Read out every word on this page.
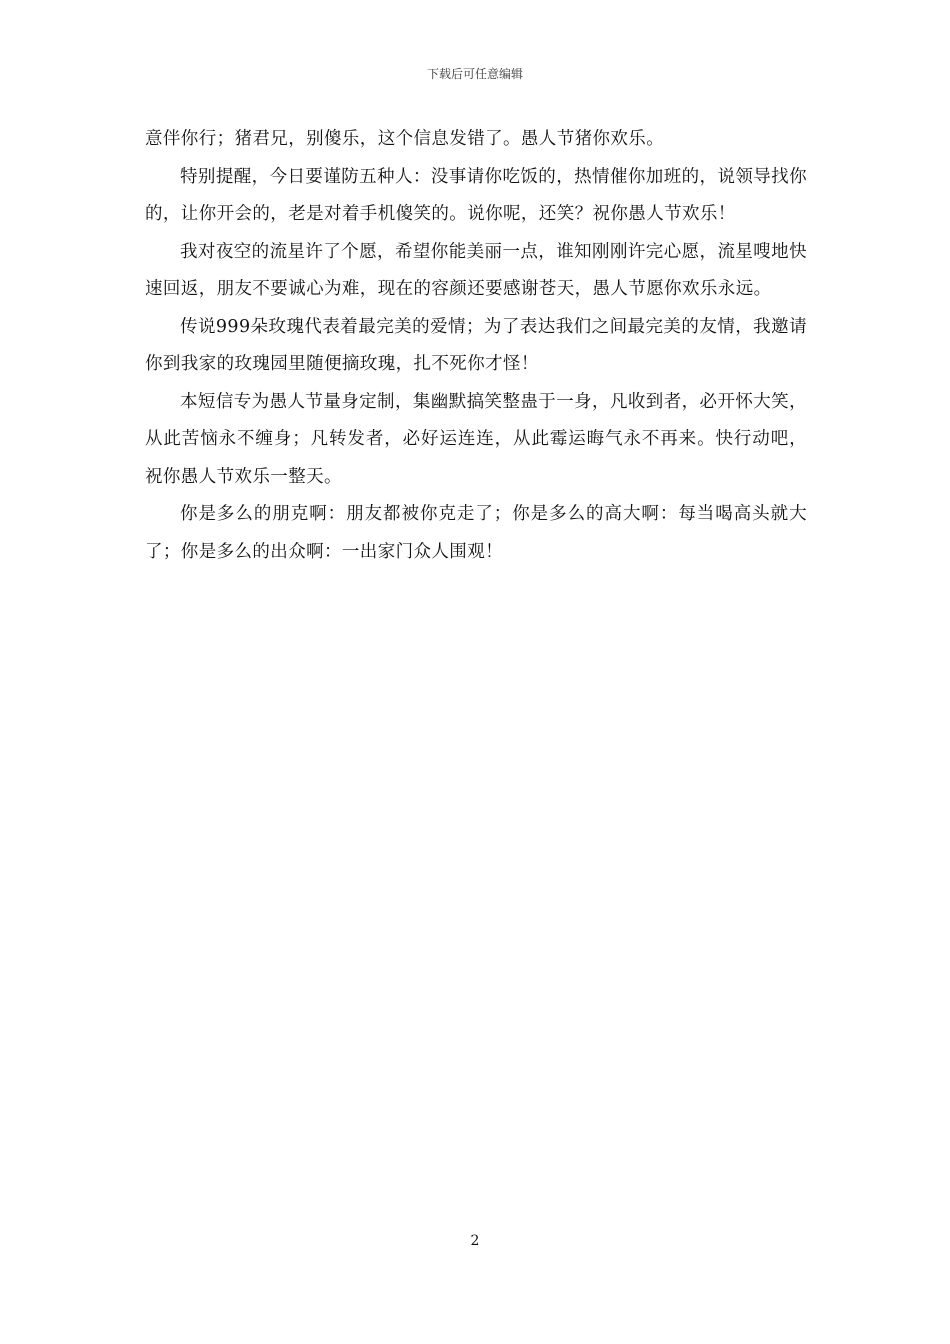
下载后可任意编辑

意伴你行；猪君兄，别傻乐，这个信息发错了。愚人节猪你欢乐。

特别提醒，今日要谨防五种人：没事请你吃饭的，热情催你加班的，说领导找你的，让你开会的，老是对着手机傻笑的。说你呢，还笑？祝你愚人节欢乐！

我对夜空的流星许了个愿，希望你能美丽一点，谁知刚刚许完心愿，流星嗖地快速回返，朋友不要诚心为难，现在的容颜还要感谢苍天，愚人节愿你欢乐永远。

传说999朵玫瑰代表着最完美的爱情；为了表达我们之间最完美的友情，我邀请你到我家的玫瑰园里随便摘玫瑰，扎不死你才怪！

本短信专为愚人节量身定制，集幽默搞笑整蛊于一身，凡收到者，必开怀大笑，从此苦恼永不缠身；凡转发者，必好运连连，从此霉运晦气永不再来。快行动吧，祝你愚人节欢乐一整天。

你是多么的朋克啊：朋友都被你克走了；你是多么的高大啊：每当喝高头就大了；你是多么的出众啊：一出家门众人围观！

2
